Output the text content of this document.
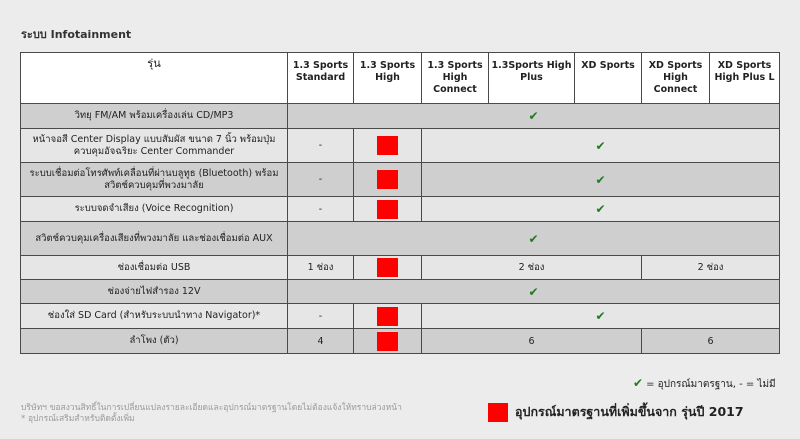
ระบบ Infotainment
รุ่น	1.3 Sports Standard	1.3 Sports High	1.3 Sports High Connect	1.3Sports High Plus	XD Sports	XD Sports High Connect	XD Sports High Plus L
วิทยุ FM/AM พร้อมเครื่องเล่น CD/MP3	✔						
หน้าจอสี Center Display แบบสัมผัส ขนาด 7 นิ้ว พร้อมปุ่มควบคุมอัจฉริยะ Center Commander	-		✔				
ระบบเชื่อมต่อโทรศัพท์เคลื่อนที่ผ่านบลูทูธ (Bluetooth) พร้อมสวิตช์ควบคุมที่พวงมาลัย	-		✔				
ระบบจดจำเสียง (Voice Recognition)	-		✔				
สวิตช์ควบคุมเครื่องเสียงที่พวงมาลัย และช่องเชื่อมต่อ AUX	✔						
ช่องเชื่อมต่อ USB	1 ช่อง		2 ช่อง			2 ช่อง	
ช่องจ่ายไฟสำรอง 12V	✔						
ช่องใส่ SD Card (สำหรับระบบนำทาง Navigator)*	-		✔				
ลำโพง (ตัว)	4		6			6	
✔ = อุปกรณ์มาตรฐาน, - = ไม่มี
บริษัทฯ ขอสงวนสิทธิ์ในการเปลี่ยนแปลงรายละเอียดและอุปกรณ์มาตรฐานโดยไม่ต้องแจ้งให้ทราบล่วงหน้า
* อุปกรณ์เสริมสำหรับติดตั้งเพิ่ม	อุปกรณ์มาตรฐานที่เพิ่มขึ้นจาก รุ่นปี 2017
